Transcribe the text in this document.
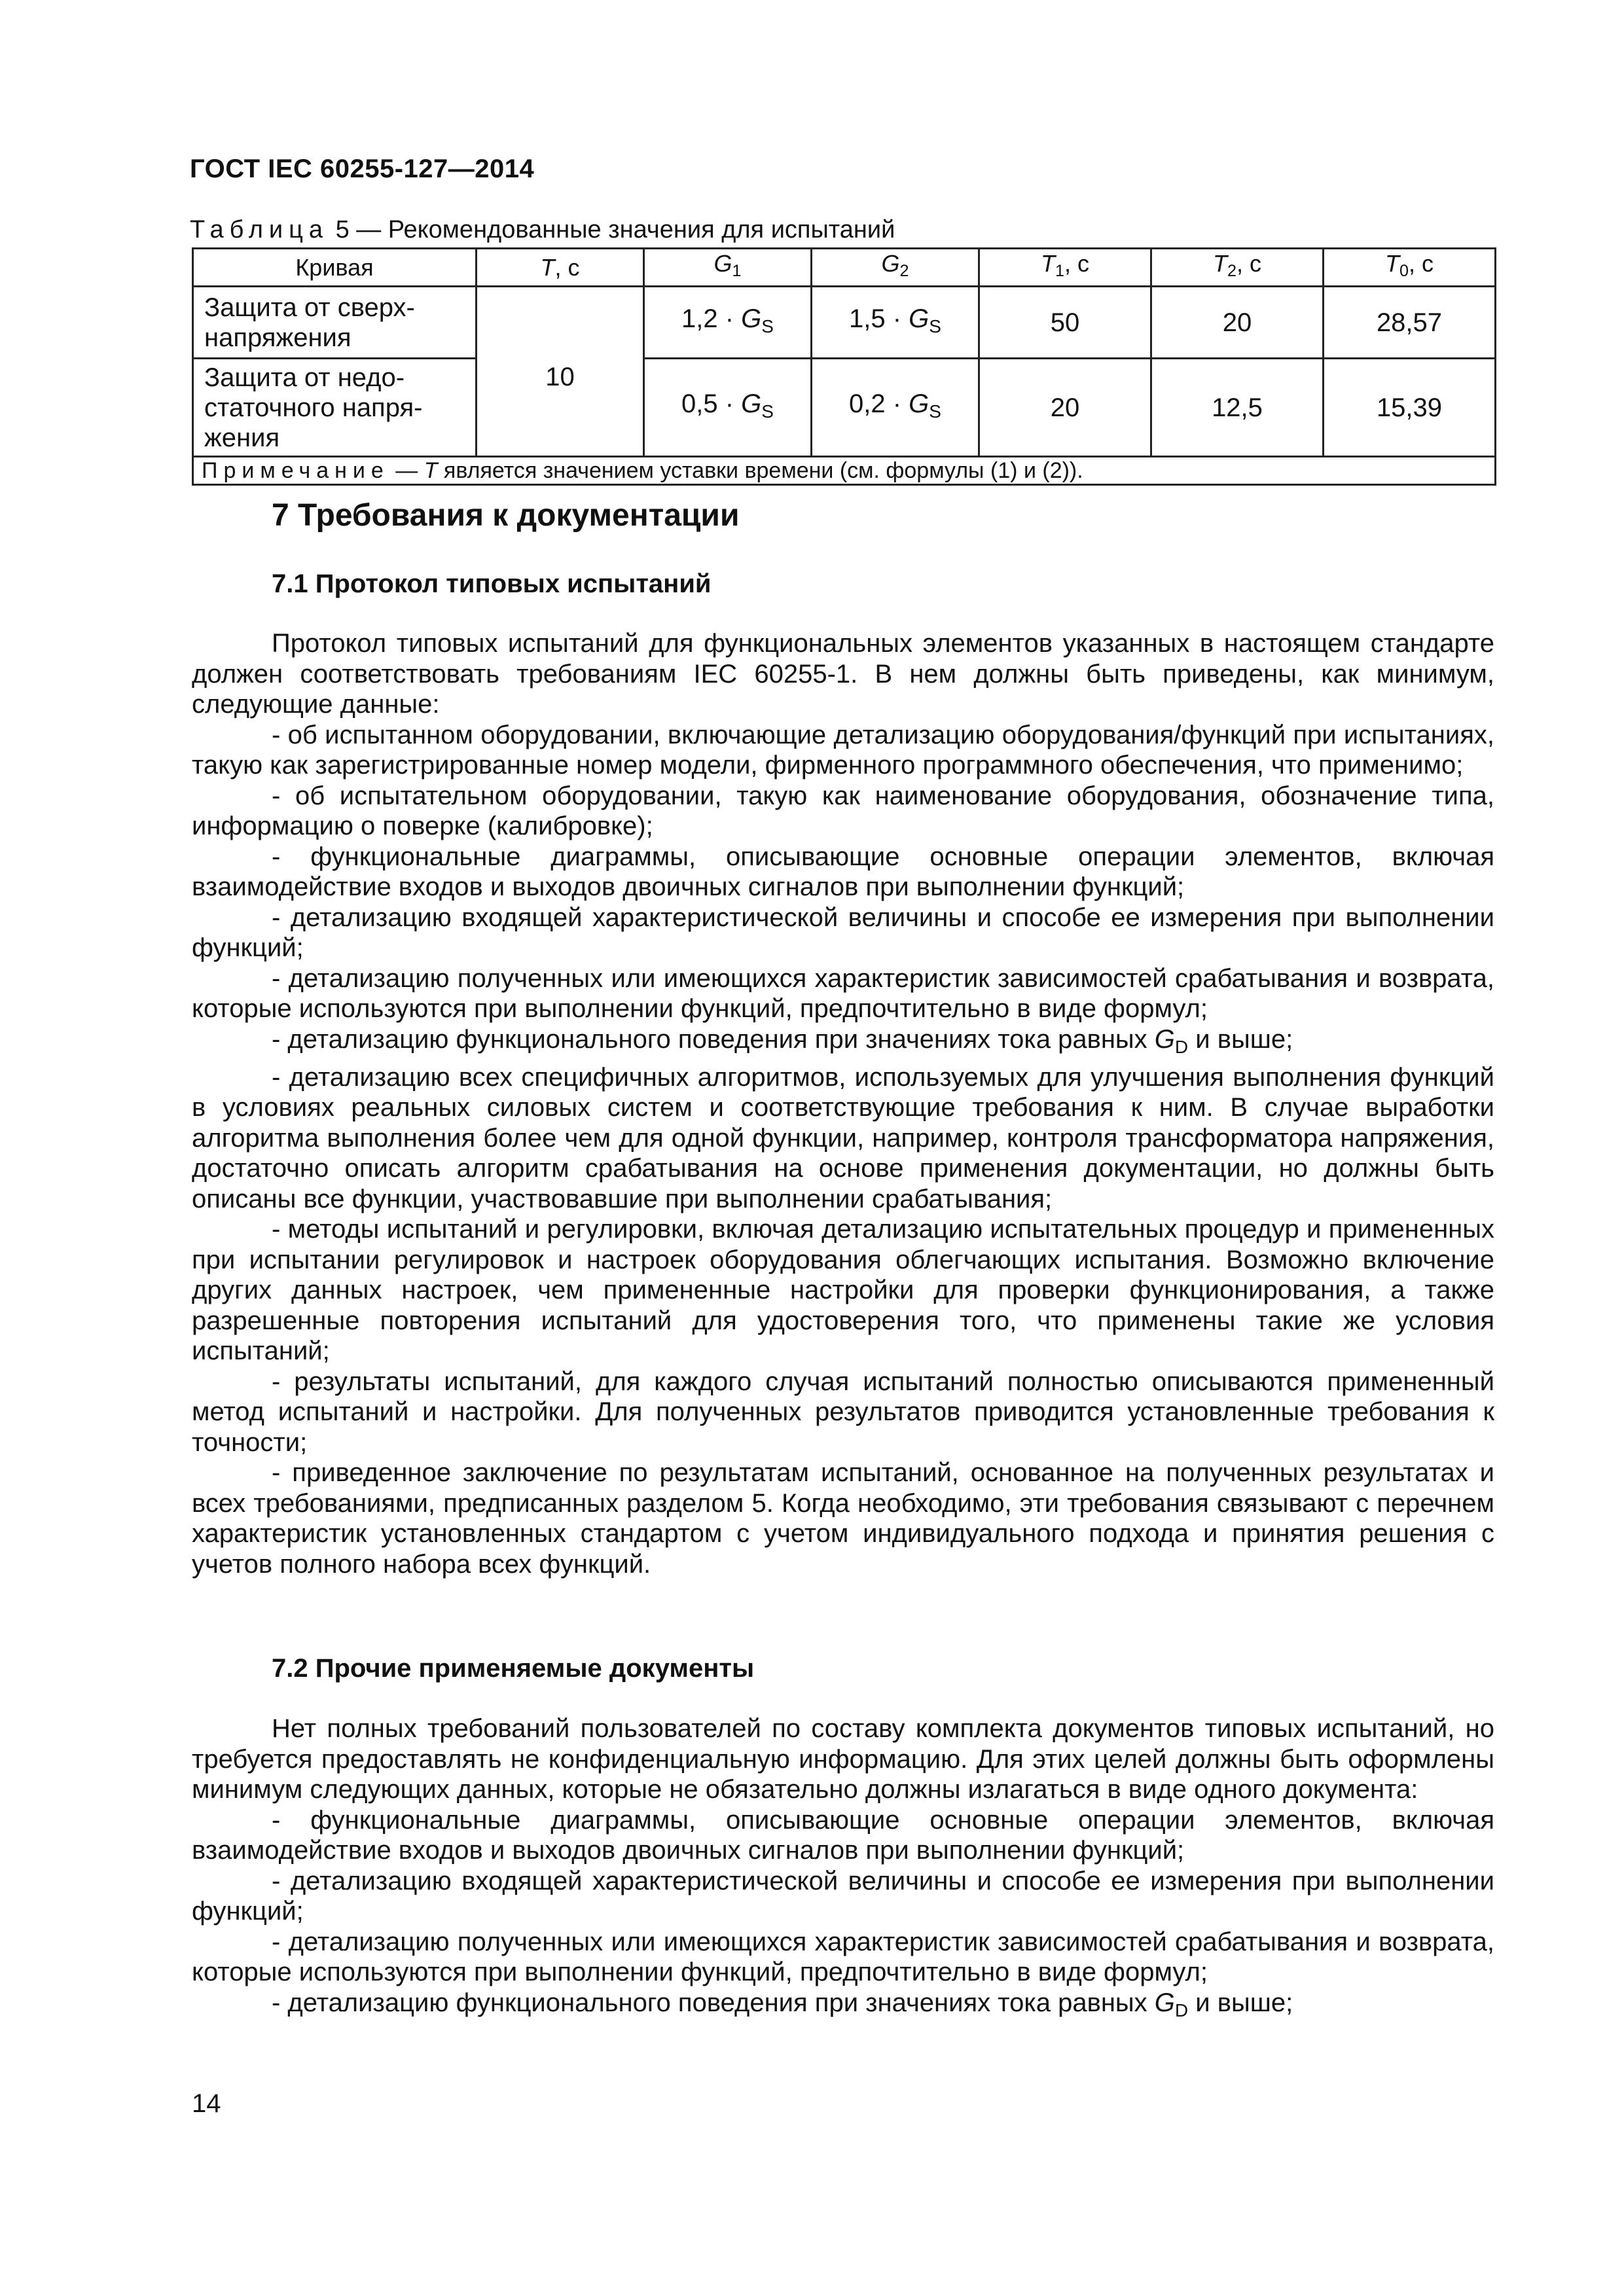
ГОСТ IEC 60255-127—2014
Таблица 5 — Рекомендованные значения для испытаний
Кривая	T, с	$G_1$	$G_2$	$T_1$, с	$T_2$, с	$T_0$, с
Защита от сверх-напряжения	10	$1,2 \cdot G_S$	$1,5 \cdot G_S$	50	20	28,57
Защита от недо-статочного напря-жения		$0,5 \cdot G_S$	$0,2 \cdot G_S$	20	12,5	15,39
Примечание — T является значением уставки времени (см. формулы (1) и (2)).						
7 Требования к документации
7.1 Протокол типовых испытаний

Протокол типовых испытаний для функциональных элементов указанных в настоящем стандарте должен соответствовать требованиям IEC 60255-1. В нем должны быть приведены, как минимум, следующие данные:

- об испытанном оборудовании, включающие детализацию оборудования/функций при испытаниях, такую как зарегистрированные номер модели, фирменного программного обеспечения, что применимо;

- об испытательном оборудовании, такую как наименование оборудования, обозначение типа, информацию о поверке (калибровке);

- функциональные диаграммы, описывающие основные операции элементов, включая взаимодействие входов и выходов двоичных сигналов при выполнении функций;

- детализацию входящей характеристической величины и способе ее измерения при выполнении функций;

- детализацию полученных или имеющихся характеристик зависимостей срабатывания и возврата, которые используются при выполнении функций, предпочтительно в виде формул;

- детализацию функционального поведения при значениях тока равных $G_D$ и выше;

- детализацию всех специфичных алгоритмов, используемых для улучшения выполнения функций в условиях реальных силовых систем и соответствующие требования к ним. В случае выработки алгоритма выполнения более чем для одной функции, например, контроля трансформатора напряжения, достаточно описать алгоритм срабатывания на основе применения документации, но должны быть описаны все функции, участвовавшие при выполнении срабатывания;

- методы испытаний и регулировки, включая детализацию испытательных процедур и примененных при испытании регулировок и настроек оборудования облегчающих испытания. Возможно включение других данных настроек, чем примененные настройки для проверки функционирования, а также разрешенные повторения испытаний для удостоверения того, что применены такие же условия испытаний;

- результаты испытаний, для каждого случая испытаний полностью описываются примененный метод испытаний и настройки. Для полученных результатов приводится установленные требования к точности;

- приведенное заключение по результатам испытаний, основанное на полученных результатах и всех требованиями, предписанных разделом 5. Когда необходимо, эти требования связывают с перечнем характеристик установленных стандартом с учетом индивидуального подхода и принятия решения с учетов полного набора всех функций.

7.2 Прочие применяемые документы

Нет полных требований пользователей по составу комплекта документов типовых испытаний, но требуется предоставлять не конфиденциальную информацию. Для этих целей должны быть оформлены минимум следующих данных, которые не обязательно должны излагаться в виде одного документа:

- функциональные диаграммы, описывающие основные операции элементов, включая взаимодействие входов и выходов двоичных сигналов при выполнении функций;

- детализацию входящей характеристической величины и способе ее измерения при выполнении функций;

- детализацию полученных или имеющихся характеристик зависимостей срабатывания и возврата, которые используются при выполнении функций, предпочтительно в виде формул;

- детализацию функционального поведения при значениях тока равных $G_D$ и выше;

14
